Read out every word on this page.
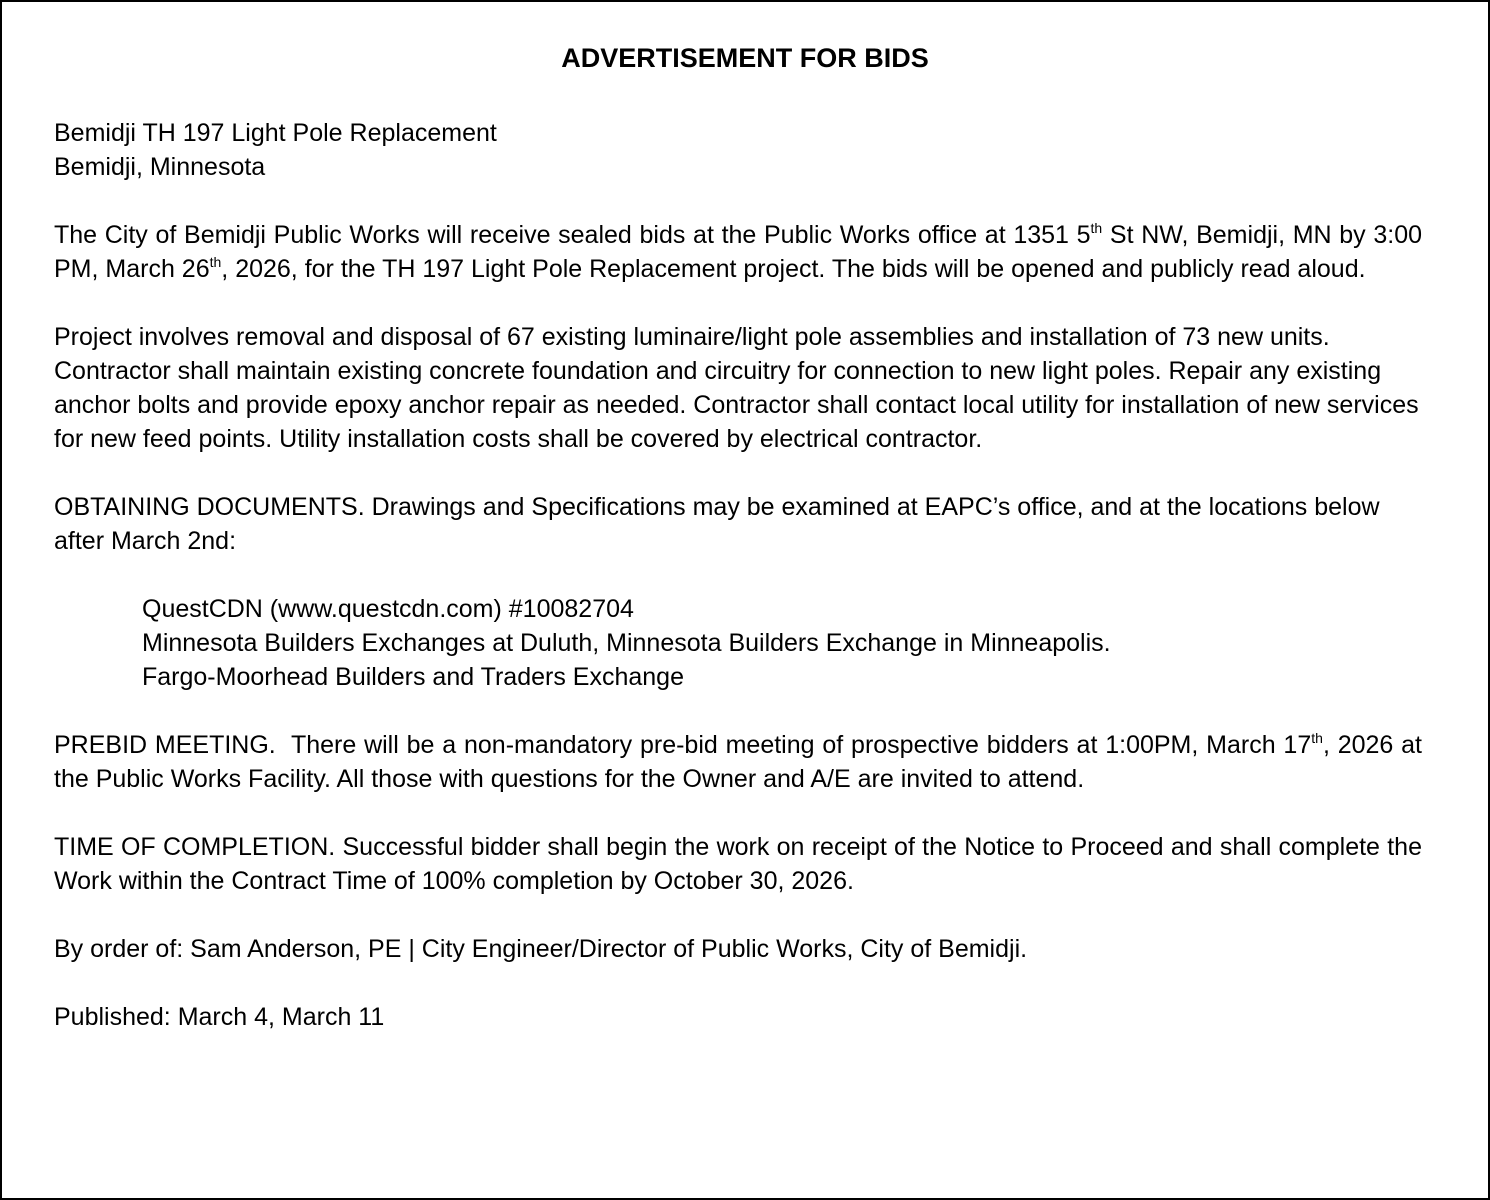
ADVERTISEMENT FOR BIDS

Bemidji TH 197 Light Pole Replacement
Bemidji, Minnesota

The City of Bemidji Public Works will receive sealed bids at the Public Works office at 1351 5th St NW, Bemidji, MN by 3:00 PM, March 26th, 2026, for the TH 197 Light Pole Replacement project. The bids will be opened and publicly read aloud.

Project involves removal and disposal of 67 existing luminaire/light pole assemblies and installation of 73 new units. Contractor shall maintain existing concrete foundation and circuitry for connection to new light poles. Repair any existing anchor bolts and provide epoxy anchor repair as needed. Contractor shall contact local utility for installation of new services for new feed points. Utility installation costs shall be covered by electrical contractor.

OBTAINING DOCUMENTS. Drawings and Specifications may be examined at EAPC’s office, and at the locations below after March 2nd:

QuestCDN (www.questcdn.com) #10082704
Minnesota Builders Exchanges at Duluth, Minnesota Builders Exchange in Minneapolis.
Fargo-Moorhead Builders and Traders Exchange

PREBID MEETING.  There will be a non-mandatory pre-bid meeting of prospective bidders at 1:00PM, March 17th, 2026 at the Public Works Facility. All those with questions for the Owner and A/E are invited to attend.

TIME OF COMPLETION. Successful bidder shall begin the work on receipt of the Notice to Proceed and shall complete the Work within the Contract Time of 100% completion by October 30, 2026.

By order of: Sam Anderson, PE | City Engineer/Director of Public Works, City of Bemidji.

Published: March 4, March 11
